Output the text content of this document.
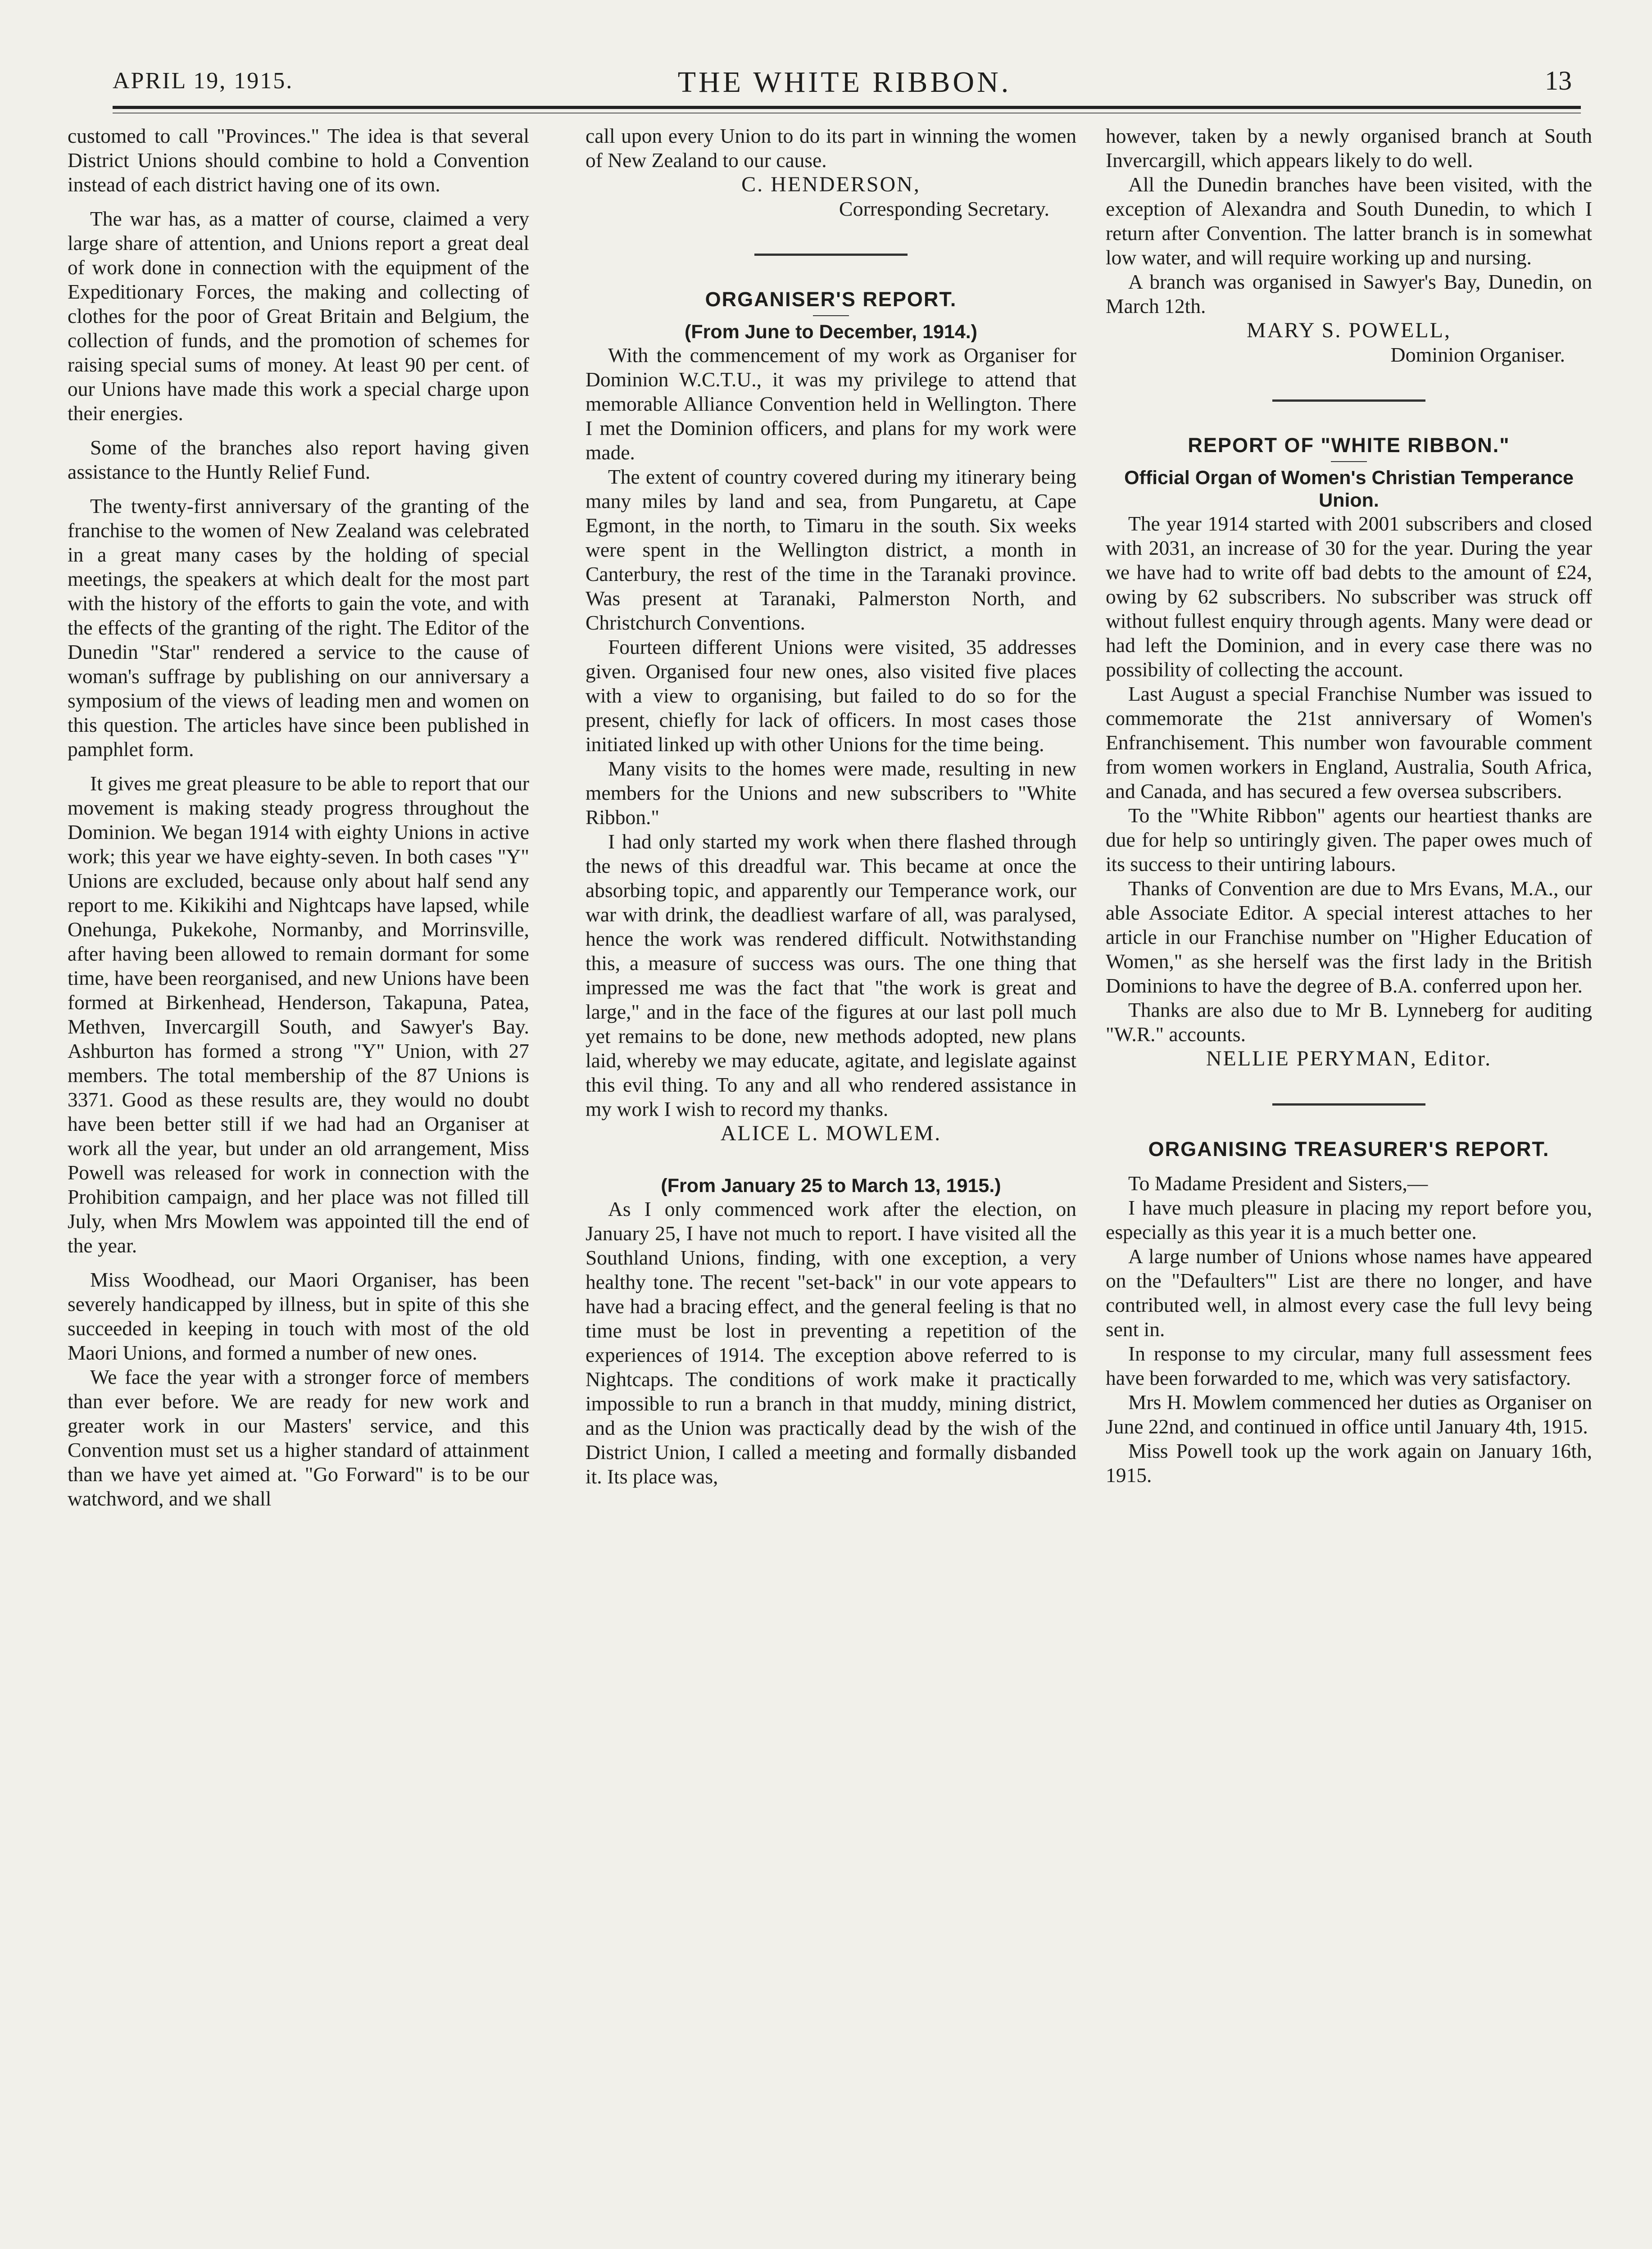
APRIL 19, 1915.	THE WHITE RIBBON.	13

customed to call "Provinces." The idea is that several District Unions should combine to hold a Convention instead of each district having one of its own.

The war has, as a matter of course, claimed a very large share of attention, and Unions report a great deal of work done in connection with the equipment of the Expeditionary Forces, the making and collecting of clothes for the poor of Great Britain and Belgium, the collection of funds, and the promotion of schemes for raising special sums of money. At least 90 per cent. of our Unions have made this work a special charge upon their energies.

Some of the branches also report having given assistance to the Huntly Relief Fund.

The twenty-first anniversary of the granting of the franchise to the women of New Zealand was celebrated in a great many cases by the holding of special meetings, the speakers at which dealt for the most part with the history of the efforts to gain the vote, and with the effects of the granting of the right. The Editor of the Dunedin "Star" rendered a service to the cause of woman's suffrage by publishing on our anniversary a symposium of the views of leading men and women on this question. The articles have since been published in pamphlet form.

It gives me great pleasure to be able to report that our movement is making steady progress throughout the Dominion. We began 1914 with eighty Unions in active work; this year we have eighty-seven. In both cases "Y" Unions are excluded, because only about half send any report to me. Kikikihi and Nightcaps have lapsed, while Onehunga, Pukekohe, Normanby, and Morrinsville, after having been allowed to remain dormant for some time, have been reorganised, and new Unions have been formed at Birkenhead, Henderson, Takapuna, Patea, Methven, Invercargill South, and Sawyer's Bay. Ashburton has formed a strong "Y" Union, with 27 members. The total membership of the 87 Unions is 3371. Good as these results are, they would no doubt have been better still if we had had an Organiser at work all the year, but under an old arrangement, Miss Powell was released for work in connection with the Prohibition campaign, and her place was not filled till July, when Mrs Mowlem was appointed till the end of the year.

Miss Woodhead, our Maori Organiser, has been severely handicapped by illness, but in spite of this she succeeded in keeping in touch with most of the old Maori Unions, and formed a number of new ones.

We face the year with a stronger force of members than ever before. We are ready for new work and greater work in our Masters' service, and this Convention must set us a higher standard of attainment than we have yet aimed at. "Go Forward" is to be our watchword, and we shall

call upon every Union to do its part in winning the women of New Zealand to our cause.

C. HENDERSON,

Corresponding Secretary.

ORGANISER'S REPORT.
(From June to December, 1914.)

With the commencement of my work as Organiser for Dominion W.C.T.U., it was my privilege to attend that memorable Alliance Convention held in Wellington. There I met the Dominion officers, and plans for my work were made.

The extent of country covered during my itinerary being many miles by land and sea, from Pungaretu, at Cape Egmont, in the north, to Timaru in the south. Six weeks were spent in the Wellington district, a month in Canterbury, the rest of the time in the Taranaki province. Was present at Taranaki, Palmerston North, and Christchurch Conventions.

Fourteen different Unions were visited, 35 addresses given. Organised four new ones, also visited five places with a view to organising, but failed to do so for the present, chiefly for lack of officers. In most cases those initiated linked up with other Unions for the time being.

Many visits to the homes were made, resulting in new members for the Unions and new subscribers to "White Ribbon."

I had only started my work when there flashed through the news of this dreadful war. This became at once the absorbing topic, and apparently our Temperance work, our war with drink, the deadliest warfare of all, was paralysed, hence the work was rendered difficult. Notwithstanding this, a measure of success was ours. The one thing that impressed me was the fact that "the work is great and large," and in the face of the figures at our last poll much yet remains to be done, new methods adopted, new plans laid, whereby we may educate, agitate, and legislate against this evil thing. To any and all who rendered assistance in my work I wish to record my thanks.

ALICE L. MOWLEM.

(From January 25 to March 13, 1915.)

As I only commenced work after the election, on January 25, I have not much to report. I have visited all the Southland Unions, finding, with one exception, a very healthy tone. The recent "set-back" in our vote appears to have had a bracing effect, and the general feeling is that no time must be lost in preventing a repetition of the experiences of 1914. The exception above referred to is Nightcaps. The conditions of work make it practically impossible to run a branch in that muddy, mining district, and as the Union was practically dead by the wish of the District Union, I called a meeting and formally disbanded it. Its place was,

however, taken by a newly organised branch at South Invercargill, which appears likely to do well.

All the Dunedin branches have been visited, with the exception of Alexandra and South Dunedin, to which I return after Convention. The latter branch is in somewhat low water, and will require working up and nursing.

A branch was organised in Sawyer's Bay, Dunedin, on March 12th.

MARY S. POWELL,

Dominion Organiser.

REPORT OF "WHITE RIBBON."
Official Organ of Women's Christian Temperance Union.

The year 1914 started with 2001 subscribers and closed with 2031, an increase of 30 for the year. During the year we have had to write off bad debts to the amount of £24, owing by 62 subscribers. No subscriber was struck off without fullest enquiry through agents. Many were dead or had left the Dominion, and in every case there was no possibility of collecting the account.

Last August a special Franchise Number was issued to commemorate the 21st anniversary of Women's Enfranchisement. This number won favourable comment from women workers in England, Australia, South Africa, and Canada, and has secured a few oversea subscribers.

To the "White Ribbon" agents our heartiest thanks are due for help so untiringly given. The paper owes much of its success to their untiring labours.

Thanks of Convention are due to Mrs Evans, M.A., our able Associate Editor. A special interest attaches to her article in our Franchise number on "Higher Education of Women," as she herself was the first lady in the British Dominions to have the degree of B.A. conferred upon her.

Thanks are also due to Mr B. Lynneberg for auditing "W.R." accounts.

NELLIE PERYMAN, Editor.

ORGANISING TREASURER'S REPORT.

To Madame President and Sisters,—

I have much pleasure in placing my report before you, especially as this year it is a much better one.

A large number of Unions whose names have appeared on the "Defaulters'" List are there no longer, and have contributed well, in almost every case the full levy being sent in.

In response to my circular, many full assessment fees have been forwarded to me, which was very satisfactory.

Mrs H. Mowlem commenced her duties as Organiser on June 22nd, and continued in office until January 4th, 1915.

Miss Powell took up the work again on January 16th, 1915.
